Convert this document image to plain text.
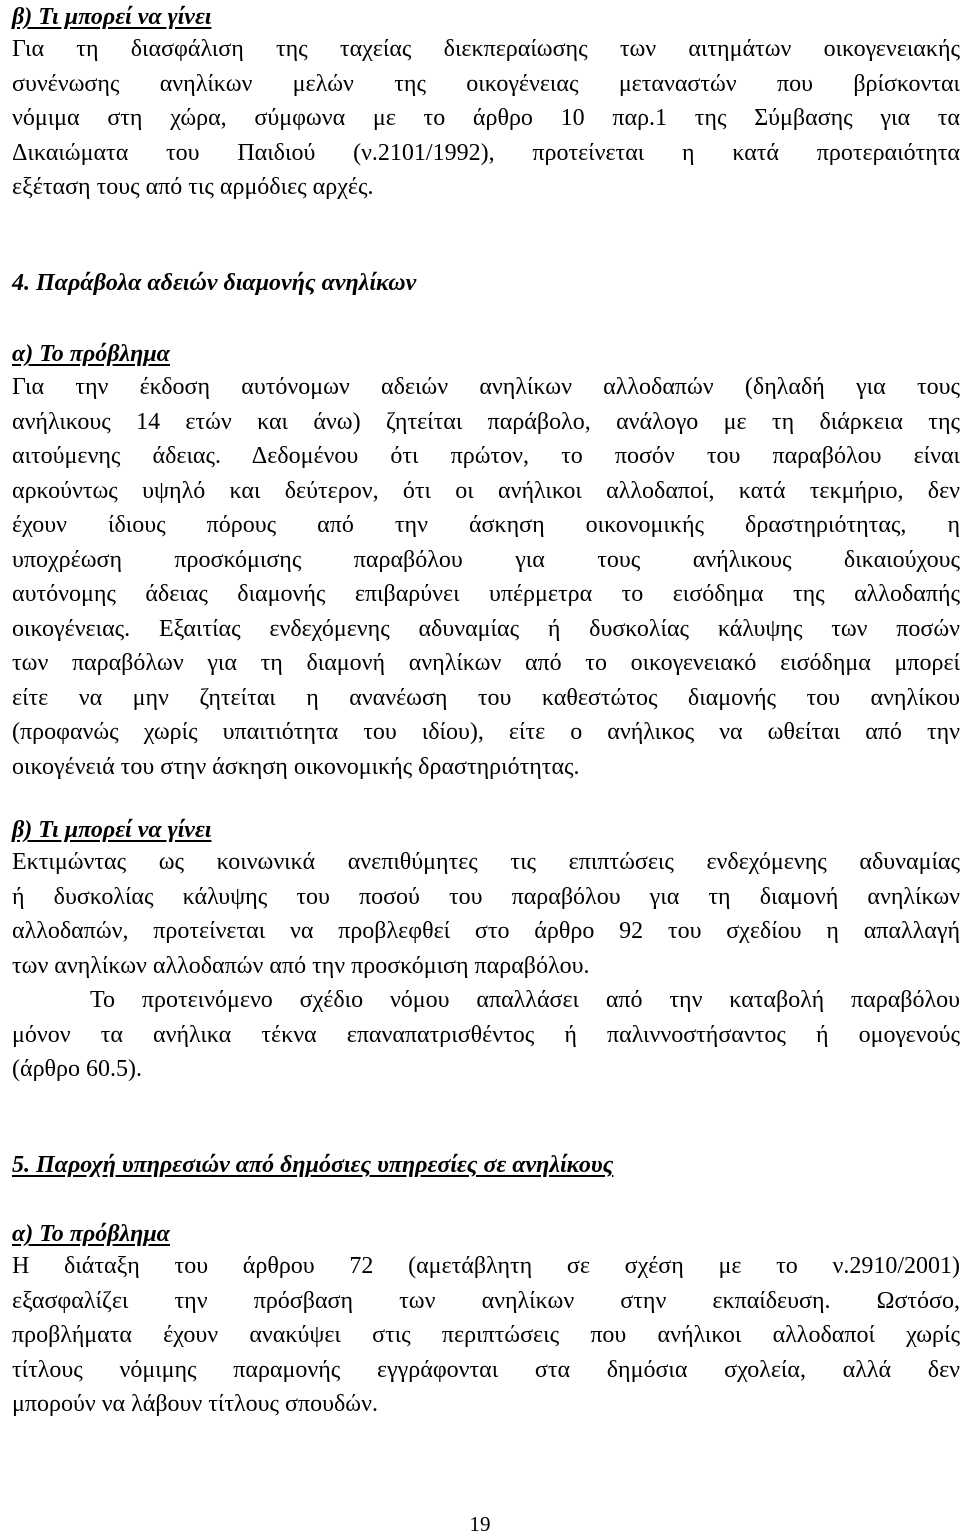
β) Τι μπορεί να γίνει
Για τη διασφάλιση της ταχείας διεκπεραίωσης των αιτημάτων οικογενειακής
συνένωσης ανηλίκων μελών της οικογένειας μεταναστών που βρίσκονται
νόμιμα στη χώρα, σύμφωνα με το άρθρο 10 παρ.1 της Σύμβασης για τα
Δικαιώματα του Παιδιού (ν.2101/1992), προτείνεται η κατά προτεραιότητα
εξέταση τους από τις αρμόδιες αρχές.
4. Παράβολα αδειών διαμονής ανηλίκων
α) Το πρόβλημα
Για την έκδοση αυτόνομων αδειών ανηλίκων αλλοδαπών (δηλαδή για τους
ανήλικους 14 ετών και άνω) ζητείται παράβολο, ανάλογο με τη διάρκεια της
αιτούμενης άδειας. Δεδομένου ότι πρώτον, το ποσόν του παραβόλου είναι
αρκούντως υψηλό και δεύτερον, ότι οι ανήλικοι αλλοδαποί, κατά τεκμήριο, δεν
έχουν ίδιους πόρους από την άσκηση οικονομικής δραστηριότητας, η
υποχρέωση προσκόμισης παραβόλου για τους ανήλικους δικαιούχους
αυτόνομης άδειας διαμονής επιβαρύνει υπέρμετρα το εισόδημα της αλλοδαπής
οικογένειας. Εξαιτίας ενδεχόμενης αδυναμίας ή δυσκολίας κάλυψης των ποσών
των παραβόλων για τη διαμονή ανηλίκων από το οικογενειακό εισόδημα μπορεί
είτε να μην ζητείται η ανανέωση του καθεστώτος διαμονής του ανηλίκου
(προφανώς χωρίς υπαιτιότητα του ιδίου), είτε ο ανήλικος να ωθείται από την
οικογένειά του στην άσκηση οικονομικής δραστηριότητας.
β) Τι μπορεί να γίνει
Εκτιμώντας ως κοινωνικά ανεπιθύμητες τις επιπτώσεις ενδεχόμενης αδυναμίας
ή δυσκολίας κάλυψης του ποσού του παραβόλου για τη διαμονή ανηλίκων
αλλοδαπών, προτείνεται να προβλεφθεί στο άρθρο 92 του σχεδίου η απαλλαγή
των ανηλίκων αλλοδαπών από την προσκόμιση παραβόλου.
Το προτεινόμενο σχέδιο νόμου απαλλάσει από την καταβολή παραβόλου
μόνον τα ανήλικα τέκνα επαναπατρισθέντος ή παλιννοστήσαντος ή ομογενούς
(άρθρο 60.5).
5. Παροχή υπηρεσιών από δημόσιες υπηρεσίες σε ανηλίκους
α) Το πρόβλημα
Η διάταξη του άρθρου 72 (αμετάβλητη σε σχέση με το ν.2910/2001)
εξασφαλίζει την πρόσβαση των ανηλίκων στην εκπαίδευση. Ωστόσο,
προβλήματα έχουν ανακύψει στις περιπτώσεις που ανήλικοι αλλοδαποί χωρίς
τίτλους νόμιμης παραμονής εγγράφονται στα δημόσια σχολεία, αλλά δεν
μπορούν να λάβουν τίτλους σπουδών.
19
